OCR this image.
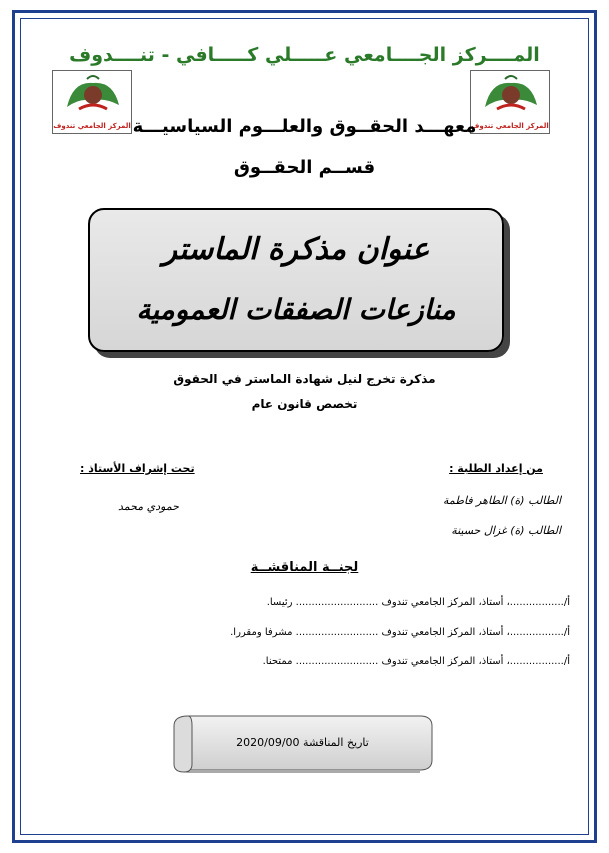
المــــركز الجــــامعي عـــــلي كـــــافي - تنــــدوف
المركز الجامعي تندوف	المركز الجامعي تندوف
معهـــد الحقــوق والعلـــوم السياسيـــة
قســم الحقــوق
عنوان مذكرة الماستر
منازعات الصفقات العمومية
مذكرة تخرج لنيل شهادة الماستر في الحقوق
تخصص قانون عام
من إعداد الطلبة :
تحت إشراف الأستاذ :
الطالب (ة) الطاهر فاطمة
الطالب (ة) غزال حسينة
حمودي محمد
لجنــة المناقشــة
أ/.................، أستاذ، المركز الجامعي تندوف .......................... رئيسا.
أ/.................، أستاذ، المركز الجامعي تندوف .......................... مشرفا ومقررا.
أ/.................، أستاذ، المركز الجامعي تندوف .......................... ممتحنا.
تاريخ المناقشة 2020/09/00
